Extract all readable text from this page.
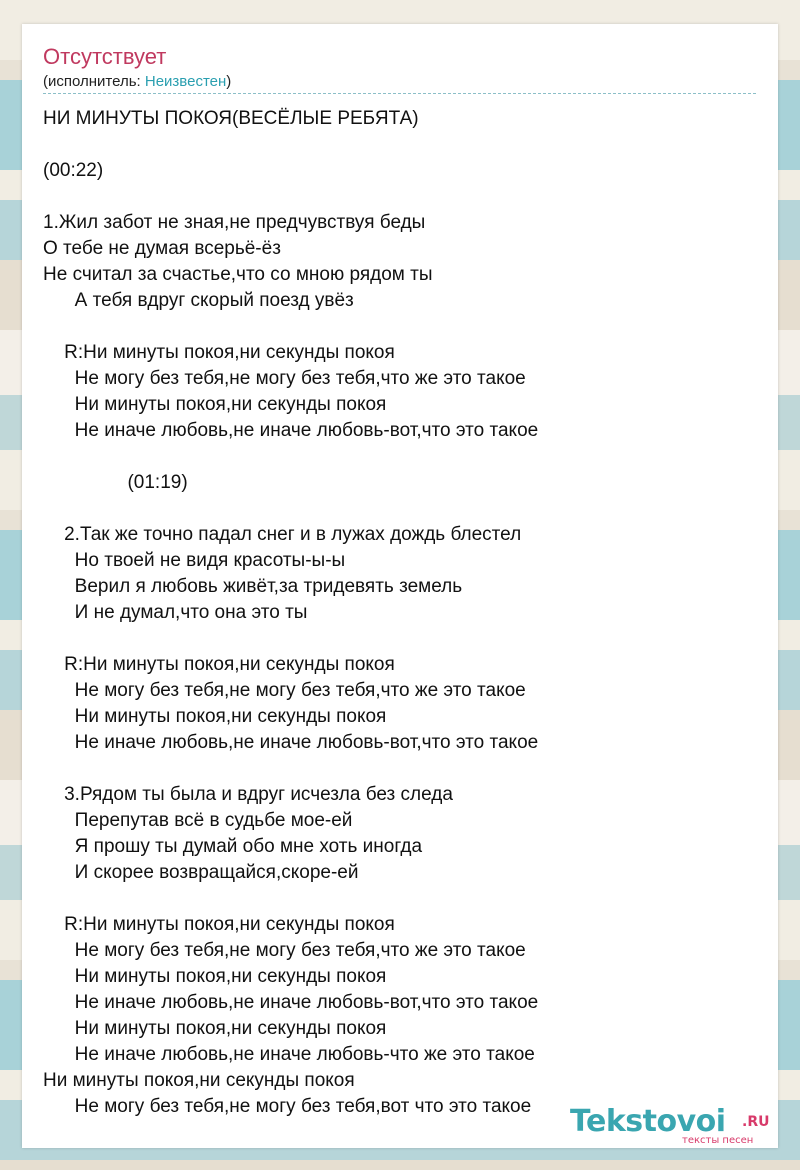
Отсутствует
(исполнитель: Неизвестен)
НИ МИНУТЫ ПОКОЯ(ВЕСЁЛЫЕ РЕБЯТА)

(00:22)

1.Жил забот не зная,не предчувствуя беды
О тебе не думая всерьё-ёз
Не считал за счастье,что со мною рядом ты
А тебя вдруг скорый поезд увёз

R:Ни минуты покоя,ни секунды покоя
Не могу без тебя,не могу без тебя,что же это такое
Ни минуты покоя,ни секунды покоя
Не иначе любовь,не иначе любовь-вот,что это такое

(01:19)

2.Так же точно падал снег и в лужах дождь блестел
Но твоей не видя красоты-ы-ы
Верил я любовь живёт,за тридевять земель
И не думал,что она это ты

R:Ни минуты покоя,ни секунды покоя
Не могу без тебя,не могу без тебя,что же это такое
Ни минуты покоя,ни секунды покоя
Не иначе любовь,не иначе любовь-вот,что это такое

3.Рядом ты была и вдруг исчезла без следа
Перепутав всё в судьбе мое-ей
Я прошу ты думай обо мне хоть иногда
И скорее возвращайся,скоре-ей

R:Ни минуты покоя,ни секунды покоя
Не могу без тебя,не могу без тебя,что же это такое
Ни минуты покоя,ни секунды покоя
Не иначе любовь,не иначе любовь-вот,что это такое
Ни минуты покоя,ни секунды покоя
Не иначе любовь,не иначе любовь-что же это такое
Ни минуты покоя,ни секунды покоя
Не могу без тебя,не могу без тебя,вот что это такое Tekstovoi .RU
тексты песен
